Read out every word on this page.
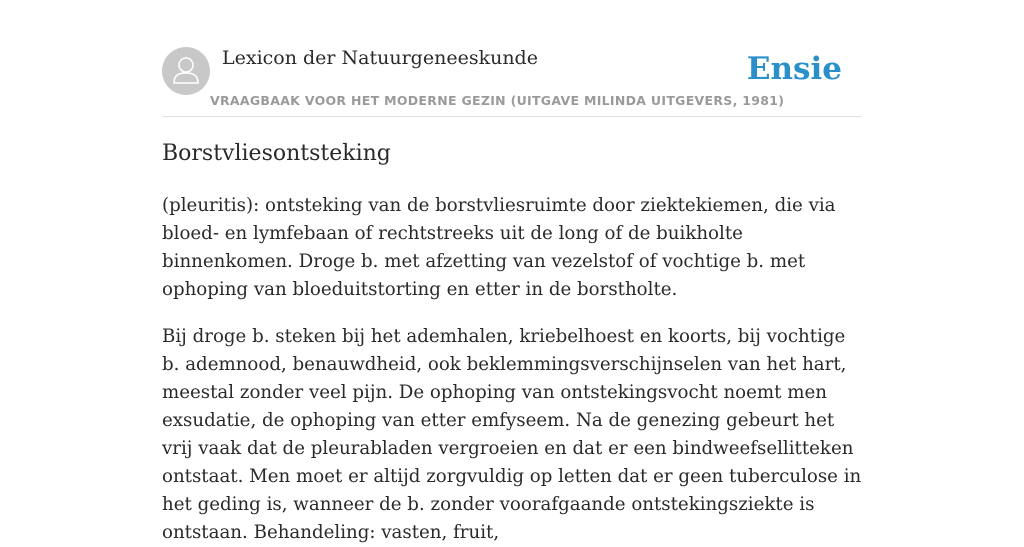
Lexicon der Natuurgeneeskunde
VRAAGBAAK VOOR HET MODERNE GEZIN (UITGAVE MILINDA UITGEVERS, 1981)
Ensie
Borstvliesontsteking

(pleuritis): ontsteking van de borstvliesruimte door ziektekiemen, die via bloed- en lymfebaan of rechtstreeks uit de long of de buikholte binnenkomen. Droge b. met afzetting van vezelstof of vochtige b. met ophoping van bloeduitstorting en etter in de borstholte.

Bij droge b. steken bij het ademhalen, kriebelhoest en koorts, bij vochtige b. ademnood, benauwdheid, ook beklemmingsverschijnselen van het hart, meestal zonder veel pijn. De ophoping van ontstekingsvocht noemt men exsudatie, de ophoping van etter emfyseem. Na de genezing gebeurt het vrij vaak dat de pleurabladen vergroeien en dat er een bindweefsellitteken ontstaat. Men moet er altijd zorgvuldig op letten dat er geen tuberculose in het geding is, wanneer de b. zonder voorafgaande ontstekingsziekte is ontstaan. Behandeling: vasten, fruit,
